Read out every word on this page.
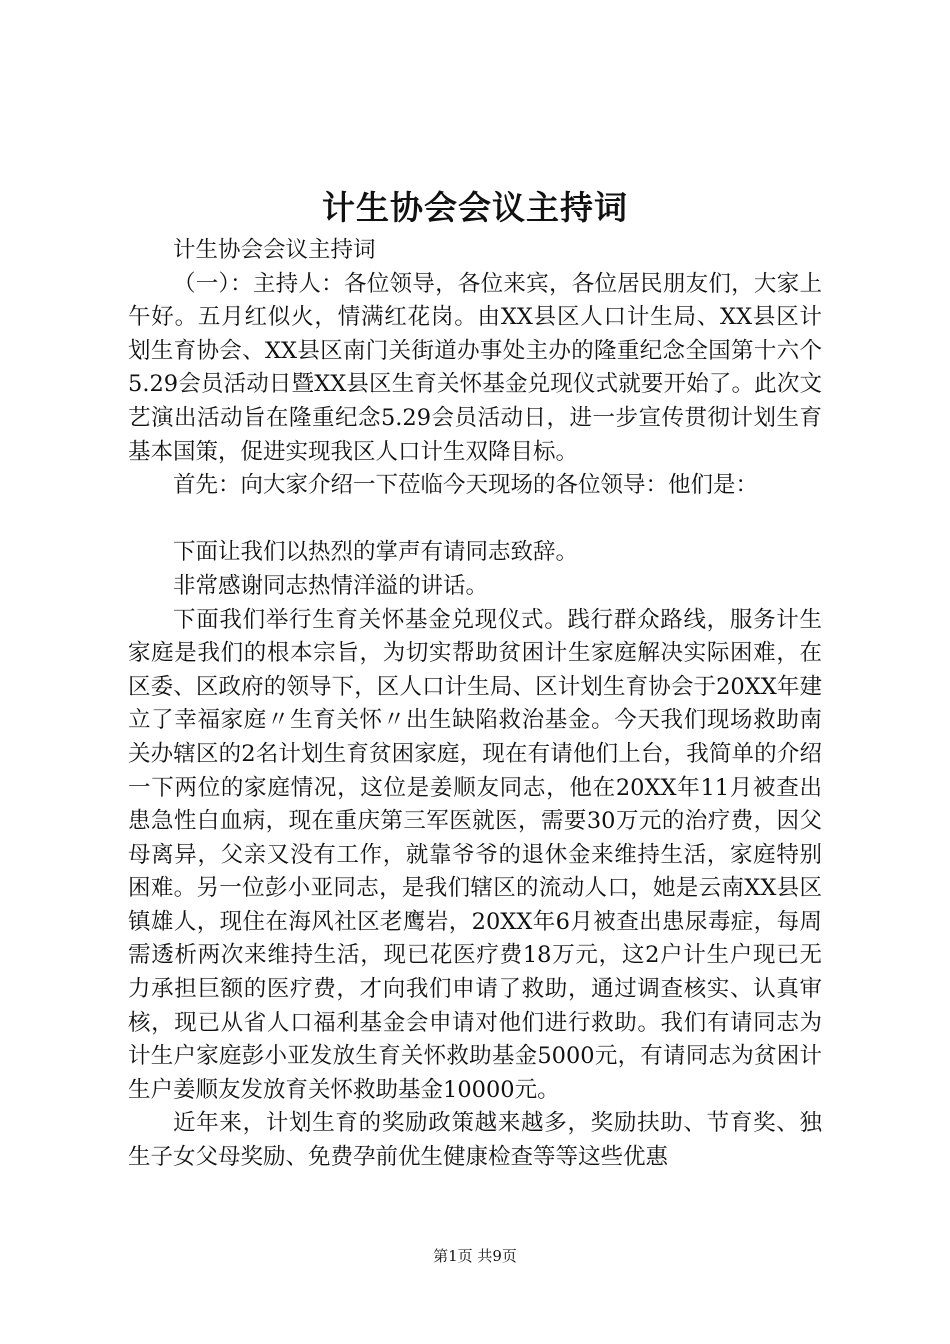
计生协会会议主持词

计生协会会议主持词

（一）：主持人：各位领导，各位来宾，各位居民朋友们，大家上午好。五月红似火，情满红花岗。由XX县区人口计生局、XX县区计划生育协会、XX县区南门关街道办事处主办的隆重纪念全国第十六个5.29会员活动日暨XX县区生育关怀基金兑现仪式就要开始了。此次文艺演出活动旨在隆重纪念5.29会员活动日，进一步宣传贯彻计划生育基本国策，促进实现我区人口计生双降目标。

首先：向大家介绍一下莅临今天现场的各位领导：他们是：

下面让我们以热烈的掌声有请同志致辞。

非常感谢同志热情洋溢的讲话。

下面我们举行生育关怀基金兑现仪式。践行群众路线，服务计生家庭是我们的根本宗旨，为切实帮助贫困计生家庭解决实际困难，在区委、区政府的领导下，区人口计生局、区计划生育协会于20XX年建立了幸福家庭〃生育关怀〃出生缺陷救治基金。今天我们现场救助南关办辖区的2名计划生育贫困家庭，现在有请他们上台，我简单的介绍一下两位的家庭情况，这位是姜顺友同志，他在20XX年11月被查出患急性白血病，现在重庆第三军医就医，需要30万元的治疗费，因父母离异，父亲又没有工作，就靠爷爷的退休金来维持生活，家庭特别困难。另一位彭小亚同志，是我们辖区的流动人口，她是云南XX县区镇雄人，现住在海风社区老鹰岩，20XX年6月被查出患尿毒症，每周需透析两次来维持生活，现已花医疗费18万元，这2户计生户现已无力承担巨额的医疗费，才向我们申请了救助，通过调查核实、认真审核，现已从省人口福利基金会申请对他们进行救助。我们有请同志为计生户家庭彭小亚发放生育关怀救助基金5000元，有请同志为贫困计生户姜顺友发放育关怀救助基金10000元。

近年来，计划生育的奖励政策越来越多，奖励扶助、节育奖、独生子女父母奖励、免费孕前优生健康检查等等这些优惠

第1页 共9页
